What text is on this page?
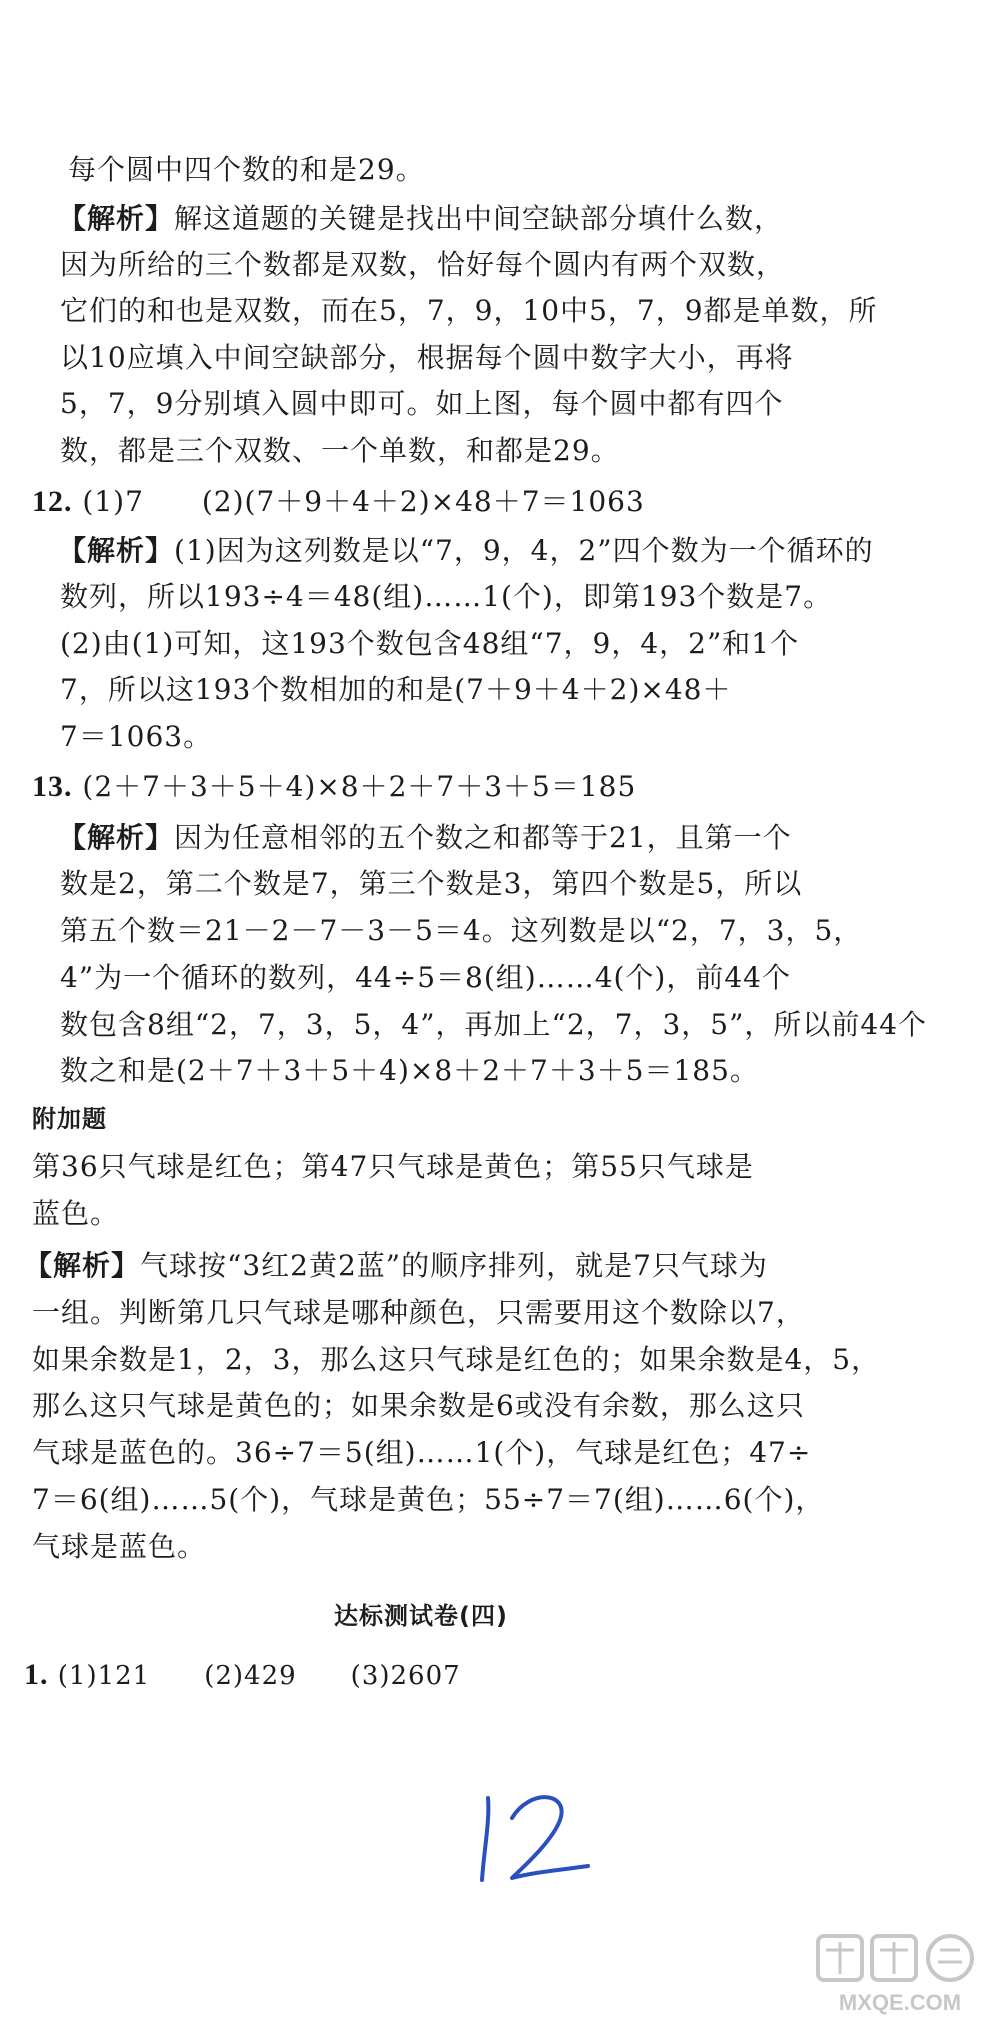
每个圆中四个数的和是29。
【 解析 】 解这道题的关键是找出中间空缺部分填什么数，
因为所给的三个数都是双数，恰好每个圆内有两个双数，
它们的和也是双数，而在5，7，9，10中5，7，9都是单数，所
以10应填入中间空缺部分，根据每个圆中数字大小，再将
5，7，9分别填入圆中即可。如上图，每个圆中都有四个
数，都是三个双数、一个单数，和都是29。
12. (1)7　　(2)(7＋9＋4＋2)×48＋7＝1063
【 解析 】 (1)因为这列数是以“7，9，4，2”四个数为一个循环的
数列，所以193÷4＝48(组)……1(个)，即第193个数是7。
(2)由(1)可知，这193个数包含48组“7，9，4，2”和1个
7，所以这193个数相加的和是(7＋9＋4＋2)×48＋
7＝1063。
13. (2＋7＋3＋5＋4)×8＋2＋7＋3＋5＝185
【 解析 】 因为任意相邻的五个数之和都等于21，且第一个
数是2，第二个数是7，第三个数是3，第四个数是5，所以
第五个数＝21－2－7－3－5＝4。这列数是以“2，7，3，5，
4”为一个循环的数列，44÷5＝8(组)……4(个)，前44个
数包含8组“2，7，3，5，4”，再加上“2，7，3，5”，所以前44个
数之和是(2＋7＋3＋5＋4)×8＋2＋7＋3＋5＝185。
附加题
第36只气球是红色；第47只气球是黄色；第55只气球是
蓝色。
【 解析 】 气球按“3红2黄2蓝”的顺序排列，就是7只气球为
一组。判断第几只气球是哪种颜色，只需要用这个数除以7，
如果余数是1，2，3，那么这只气球是红色的；如果余数是4，5，
那么这只气球是黄色的；如果余数是6或没有余数，那么这只
气球是蓝色的。36÷7＝5(组)……1(个)，气球是红色；47÷
7＝6(组)……5(个)，气球是黄色；55÷7＝7(组)……6(个)，
气球是蓝色。
达标测试卷(四)
1. (1)121　　(2)429　　(3)2607
MXQE.COM
